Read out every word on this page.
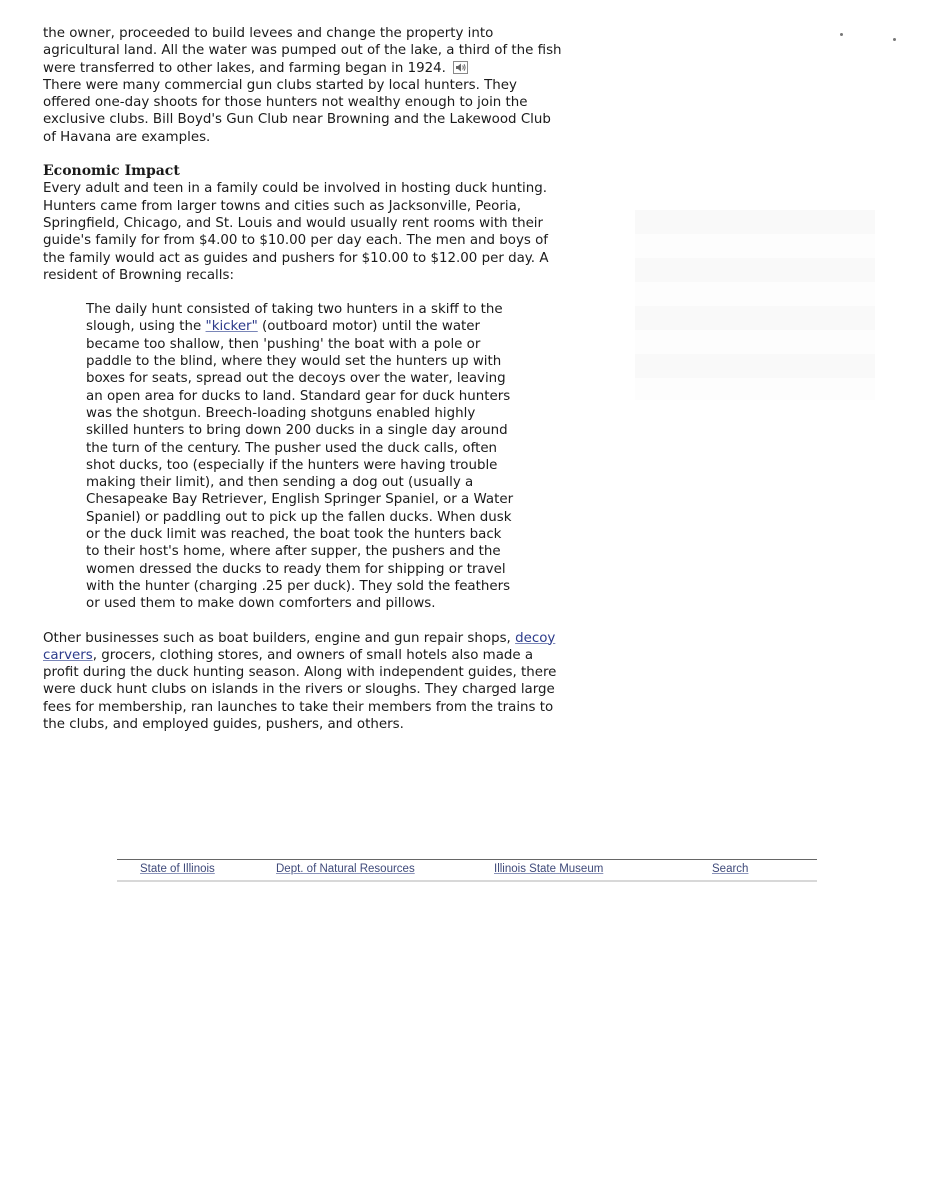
the owner, proceeded to build levees and change the property into agricultural land. All the water was pumped out of the lake, a third of the fish were transferred to other lakes, and farming began in 1924.
There were many commercial gun clubs started by local hunters. They offered one-day shoots for those hunters not wealthy enough to join the exclusive clubs. Bill Boyd's Gun Club near Browning and the Lakewood Club of Havana are examples.

Economic Impact
Every adult and teen in a family could be involved in hosting duck hunting. Hunters came from larger towns and cities such as Jacksonville, Peoria, Springfield, Chicago, and St. Louis and would usually rent rooms with their guide's family for from $4.00 to $10.00 per day each. The men and boys of the family would act as guides and pushers for $10.00 to $12.00 per day. A resident of Browning recalls:

The daily hunt consisted of taking two hunters in a skiff to the slough, using the "kicker" (outboard motor) until the water became too shallow, then 'pushing' the boat with a pole or paddle to the blind, where they would set the hunters up with boxes for seats, spread out the decoys over the water, leaving an open area for ducks to land. Standard gear for duck hunters was the shotgun. Breech-loading shotguns enabled highly skilled hunters to bring down 200 ducks in a single day around the turn of the century. The pusher used the duck calls, often shot ducks, too (especially if the hunters were having trouble making their limit), and then sending a dog out (usually a Chesapeake Bay Retriever, English Springer Spaniel, or a Water Spaniel) or paddling out to pick up the fallen ducks. When dusk or the duck limit was reached, the boat took the hunters back to their host's home, where after supper, the pushers and the women dressed the ducks to ready them for shipping or travel with the hunter (charging .25 per duck). They sold the feathers or used them to make down comforters and pillows.

Other businesses such as boat builders, engine and gun repair shops, decoy carvers, grocers, clothing stores, and owners of small hotels also made a profit during the duck hunting season. Along with independent guides, there were duck hunt clubs on islands in the rivers or sloughs. They charged large fees for membership, ran launches to take their members from the trains to the clubs, and employed guides, pushers, and others.

State of Illinois	Dept. of Natural Resources	Illinois State Museum	Search
